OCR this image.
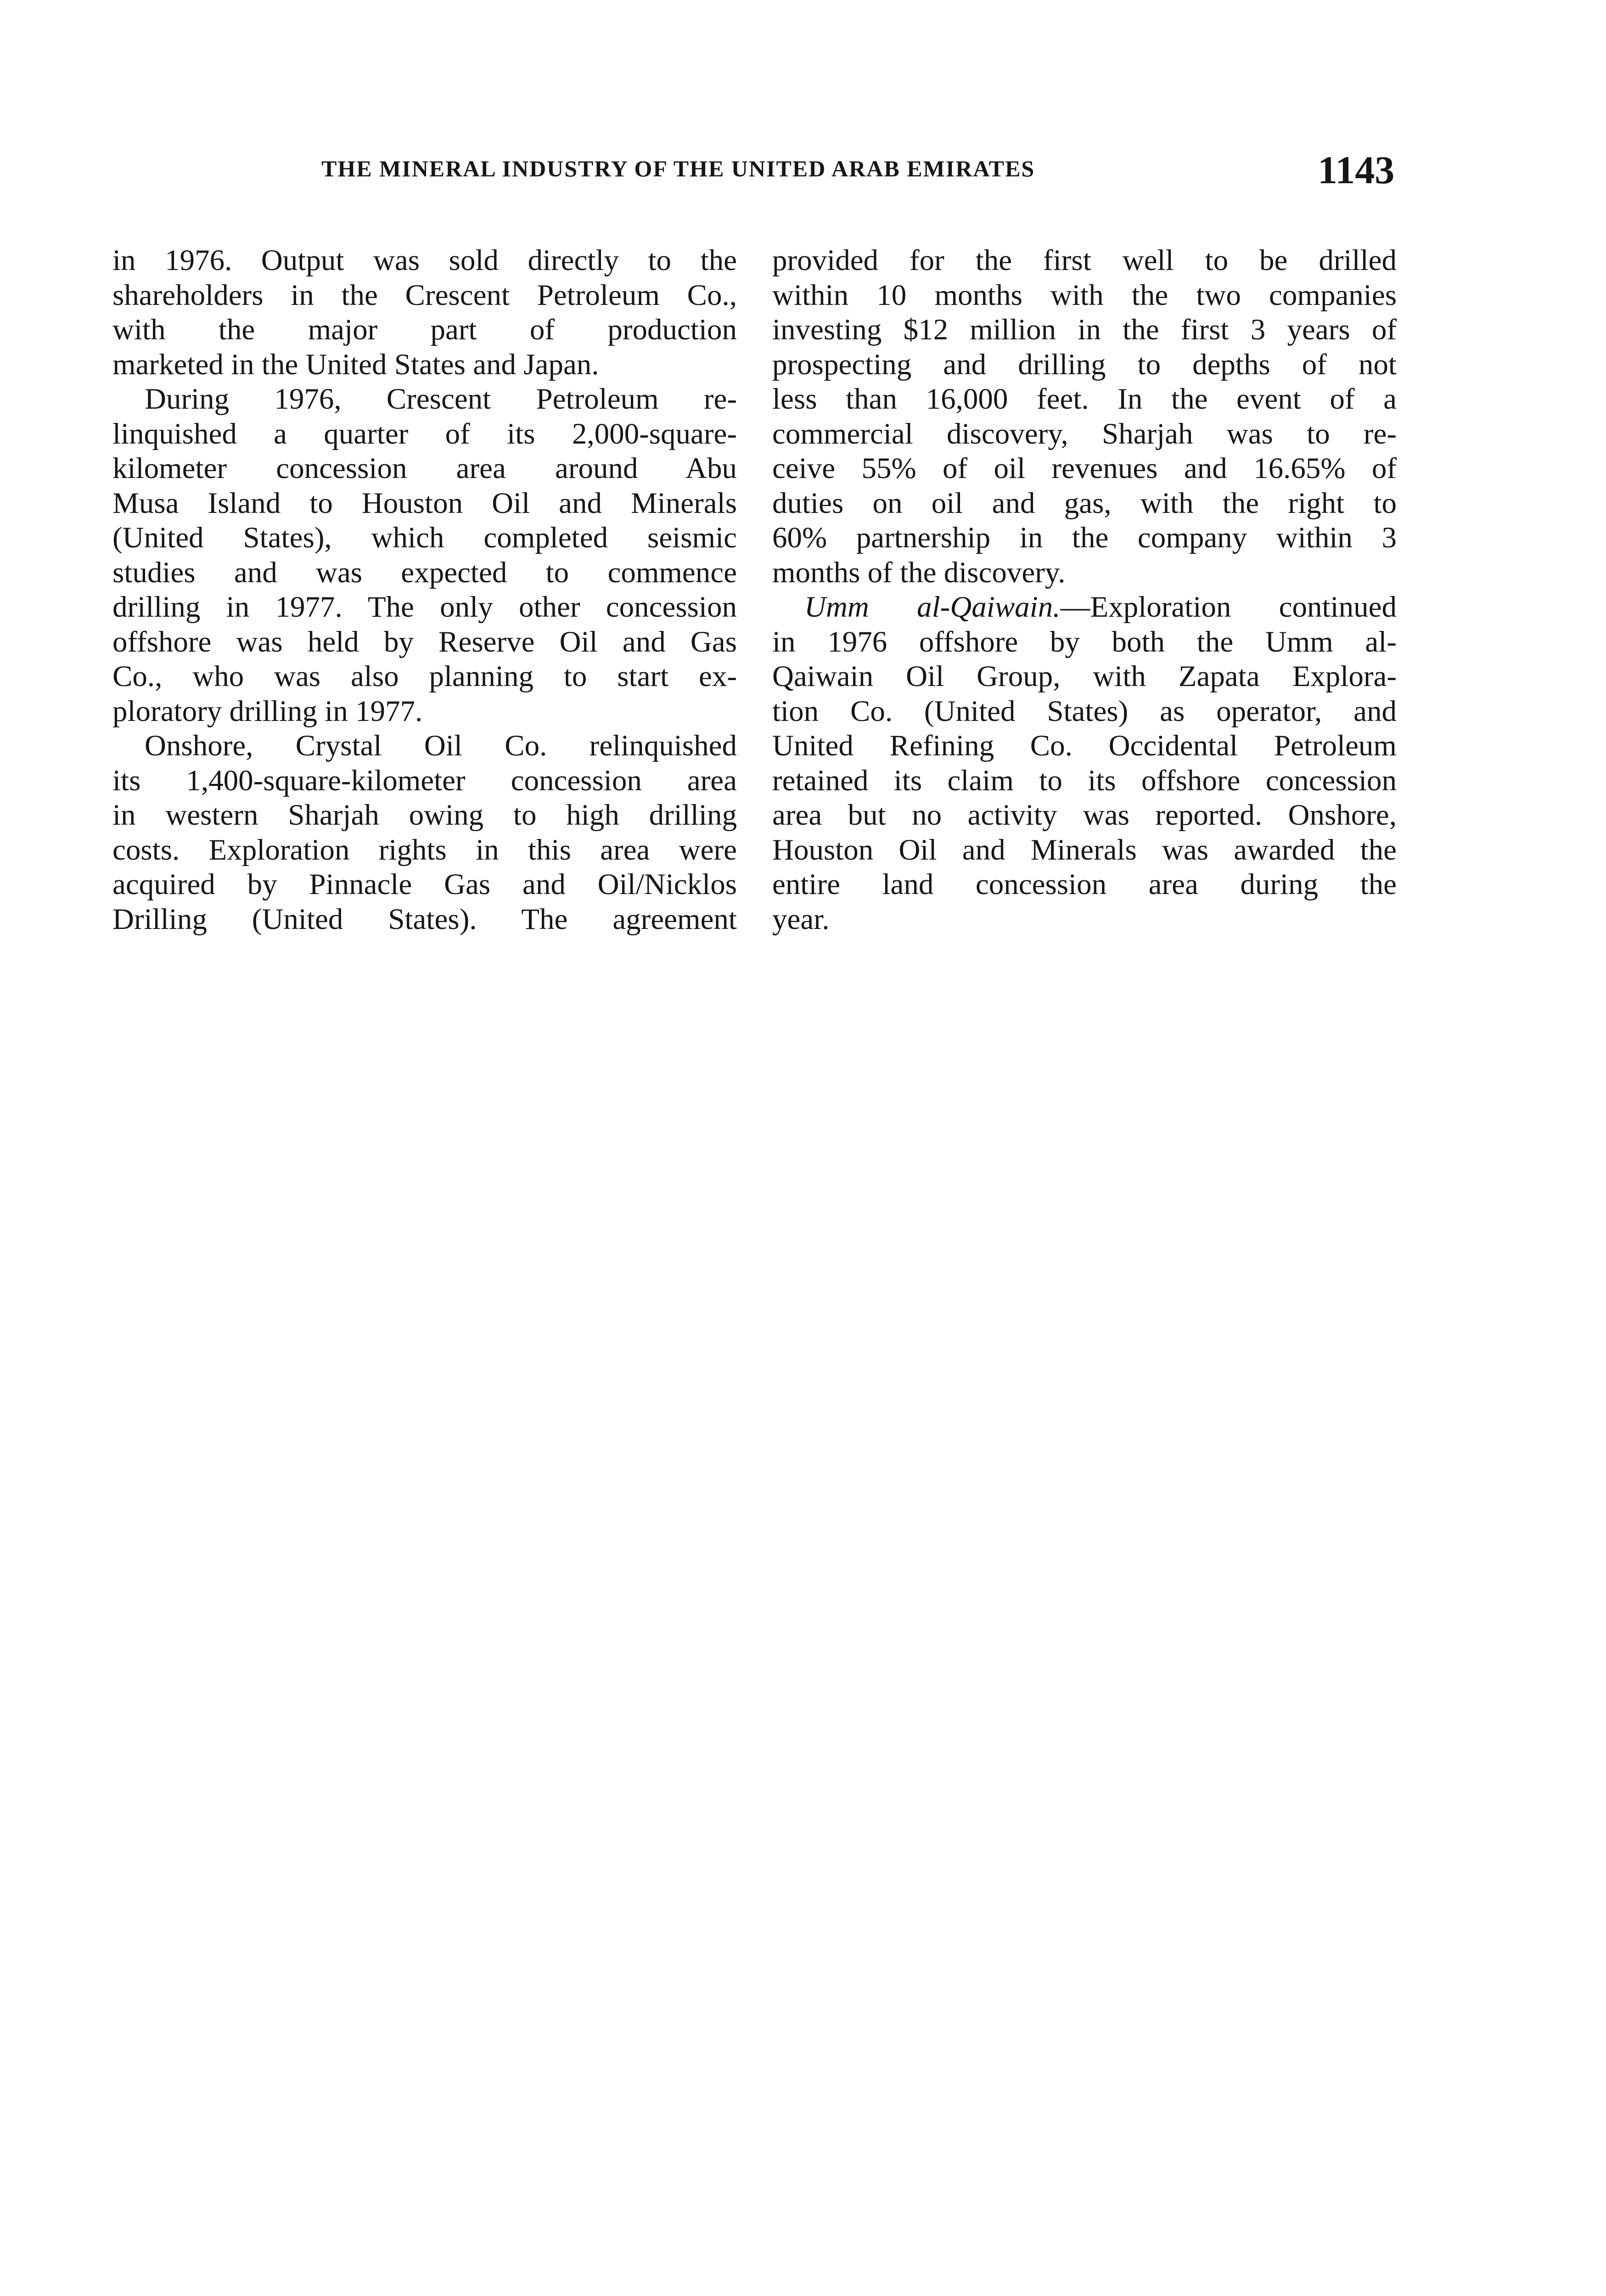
THE MINERAL INDUSTRY OF THE UNITED ARAB EMIRATES	1143

in 1976. Output was sold directly to the
shareholders in the Crescent Petroleum Co.,
with the major part of production
marketed in the United States and Japan.

During 1976, Crescent Petroleum re-
linquished a quarter of its 2,000-square-
kilometer concession area around Abu
Musa Island to Houston Oil and Minerals
(United States), which completed seismic
studies and was expected to commence
drilling in 1977. The only other concession
offshore was held by Reserve Oil and Gas
Co., who was also planning to start ex-
ploratory drilling in 1977.

Onshore, Crystal Oil Co. relinquished
its 1,400-square-kilometer concession area
in western Sharjah owing to high drilling
costs. Exploration rights in this area were
acquired by Pinnacle Gas and Oil/Nicklos
Drilling (United States). The agreement

provided for the first well to be drilled
within 10 months with the two companies
investing $12 million in the first 3 years of
prospecting and drilling to depths of not
less than 16,000 feet. In the event of a
commercial discovery, Sharjah was to re-
ceive 55% of oil revenues and 16.65% of
duties on oil and gas, with the right to
60% partnership in the company within 3
months of the discovery.

Umm al-Qaiwain.—Exploration continued
in 1976 offshore by both the Umm al-
Qaiwain Oil Group, with Zapata Explora-
tion Co. (United States) as operator, and
United Refining Co. Occidental Petroleum
retained its claim to its offshore concession
area but no activity was reported. Onshore,
Houston Oil and Minerals was awarded the
entire land concession area during the
year.
